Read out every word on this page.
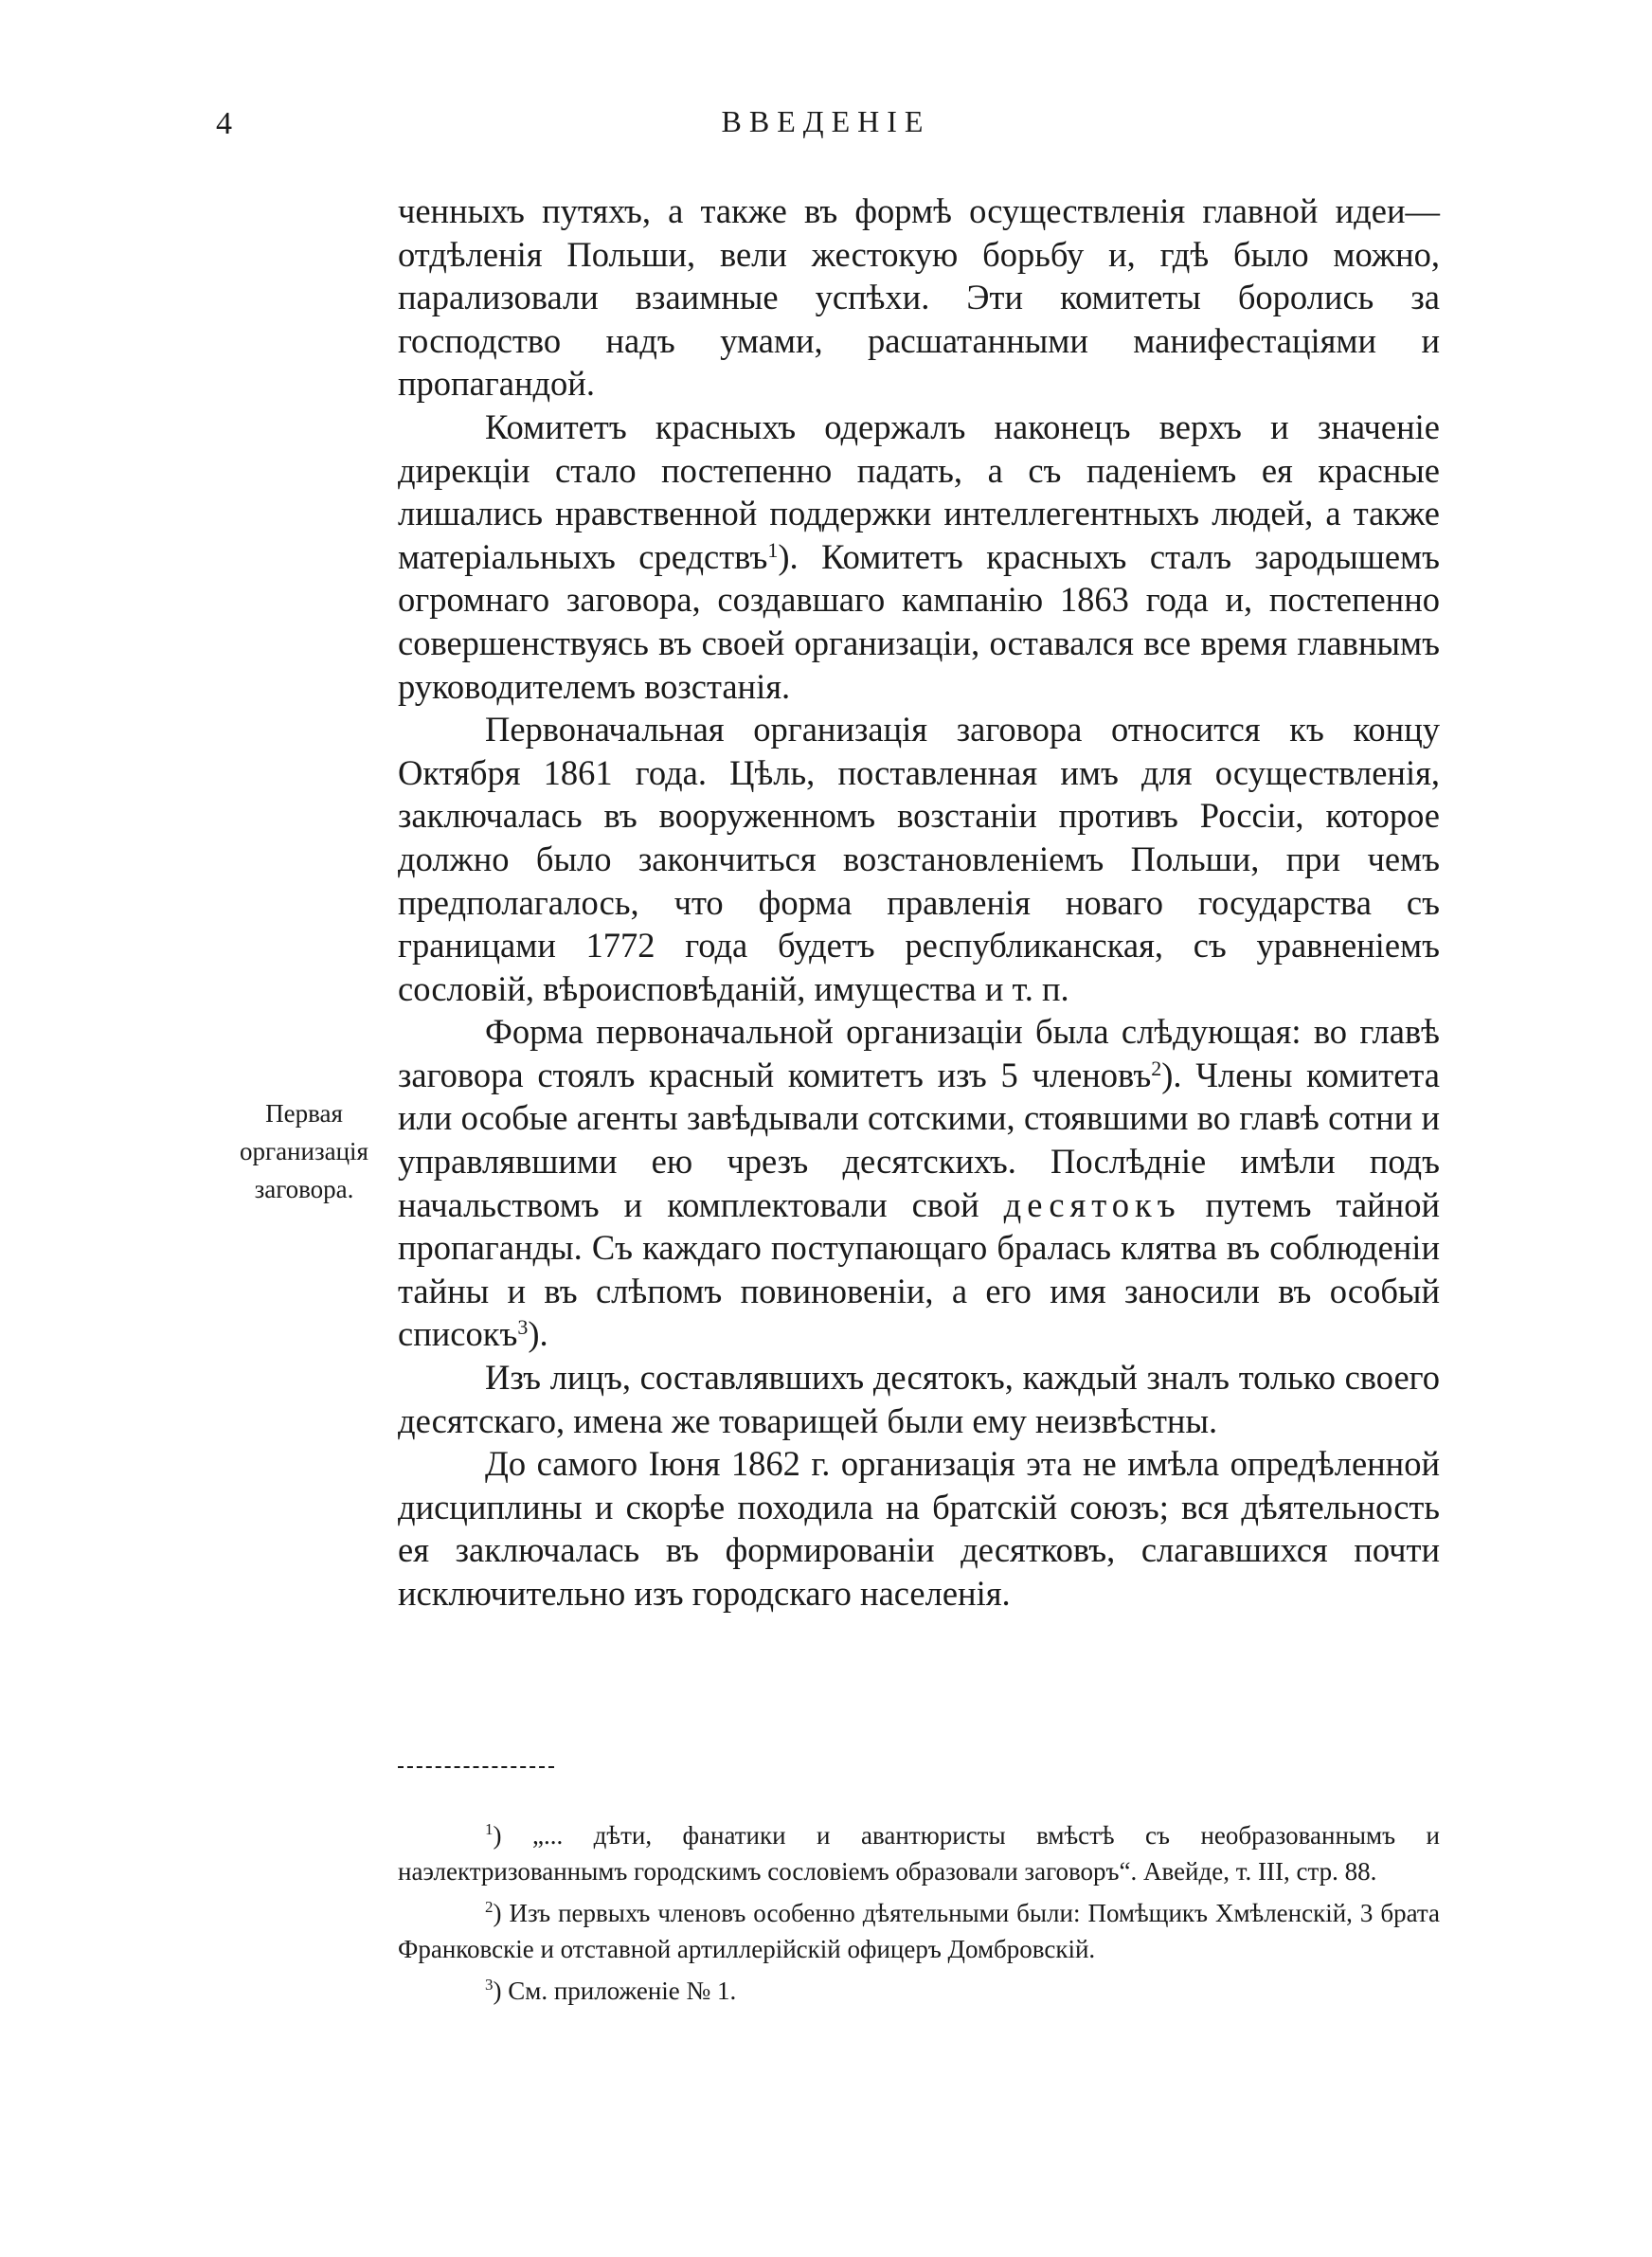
4	ВВЕДЕНІЕ
Первая
организація
заговора.

ченныхъ путяхъ, а также въ формѣ осуществленія главной идеи—отдѣленія Польши, вели жестокую борьбу и, гдѣ было можно, парализовали взаимные успѣхи. Эти комитеты боролись за господство надъ умами, расшатанными манифестаціями и пропагандой.

Комитетъ красныхъ одержалъ наконецъ верхъ и значеніе дирекціи стало постепенно падать, а съ паденіемъ ея красные лишались нравственной поддержки интеллегентныхъ людей, а также матеріальныхъ средствъ$^1$). Комитетъ красныхъ сталъ зародышемъ огромнаго заговора, создавшаго кампанію 1863 года и, постепенно совершенствуясь въ своей организаціи, оставался все время главнымъ руководителемъ возстанія.

Первоначальная организація заговора относится къ концу Октября 1861 года. Цѣль, поставленная имъ для осуществленія, заключалась въ вооруженномъ возстаніи противъ Россіи, которое должно было закончиться возстановленіемъ Польши, при чемъ предполагалось, что форма правленія новаго государства съ границами 1772 года будетъ республиканская, съ уравненіемъ сословій, вѣроисповѣданій, имущества и т. п.

Форма первоначальной организаціи была слѣдующая: во главѣ заговора стоялъ красный комитетъ изъ 5 членовъ$^2$). Члены комитета или особые агенты завѣдывали сотскими, стоявшими во главѣ сотни и управлявшими ею чрезъ десятскихъ. Послѣдніе имѣли подъ начальствомъ и комплектовали свой десятокъ путемъ тайной пропаганды. Съ каждаго поступающаго бралась клятва въ соблюденіи тайны и въ слѣпомъ повиновеніи, а его имя заносили въ особый списокъ$^3$).

Изъ лицъ, составлявшихъ десятокъ, каждый зналъ только своего десятскаго, имена же товарищей были ему неизвѣстны.

До самого Іюня 1862 г. организація эта не имѣла опредѣленной дисциплины и скорѣе походила на братскій союзъ; вся дѣятельность ея заключалась въ формированіи десятковъ, слагавшихся почти исключительно изъ городскаго населенія.

$^1$) „... дѣти, фанатики и авантюристы вмѣстѣ съ необразованнымъ и наэлектризованнымъ городскимъ сословіемъ образовали заговоръ“. Авейде, т. III, стр. 88.

$^2$) Изъ первыхъ членовъ особенно дѣятельными были: Помѣщикъ Хмѣленскій, 3 брата Франковскіе и отставной артиллерійскій офицеръ Домбровскій.

$^3$) См. приложеніе № 1.
